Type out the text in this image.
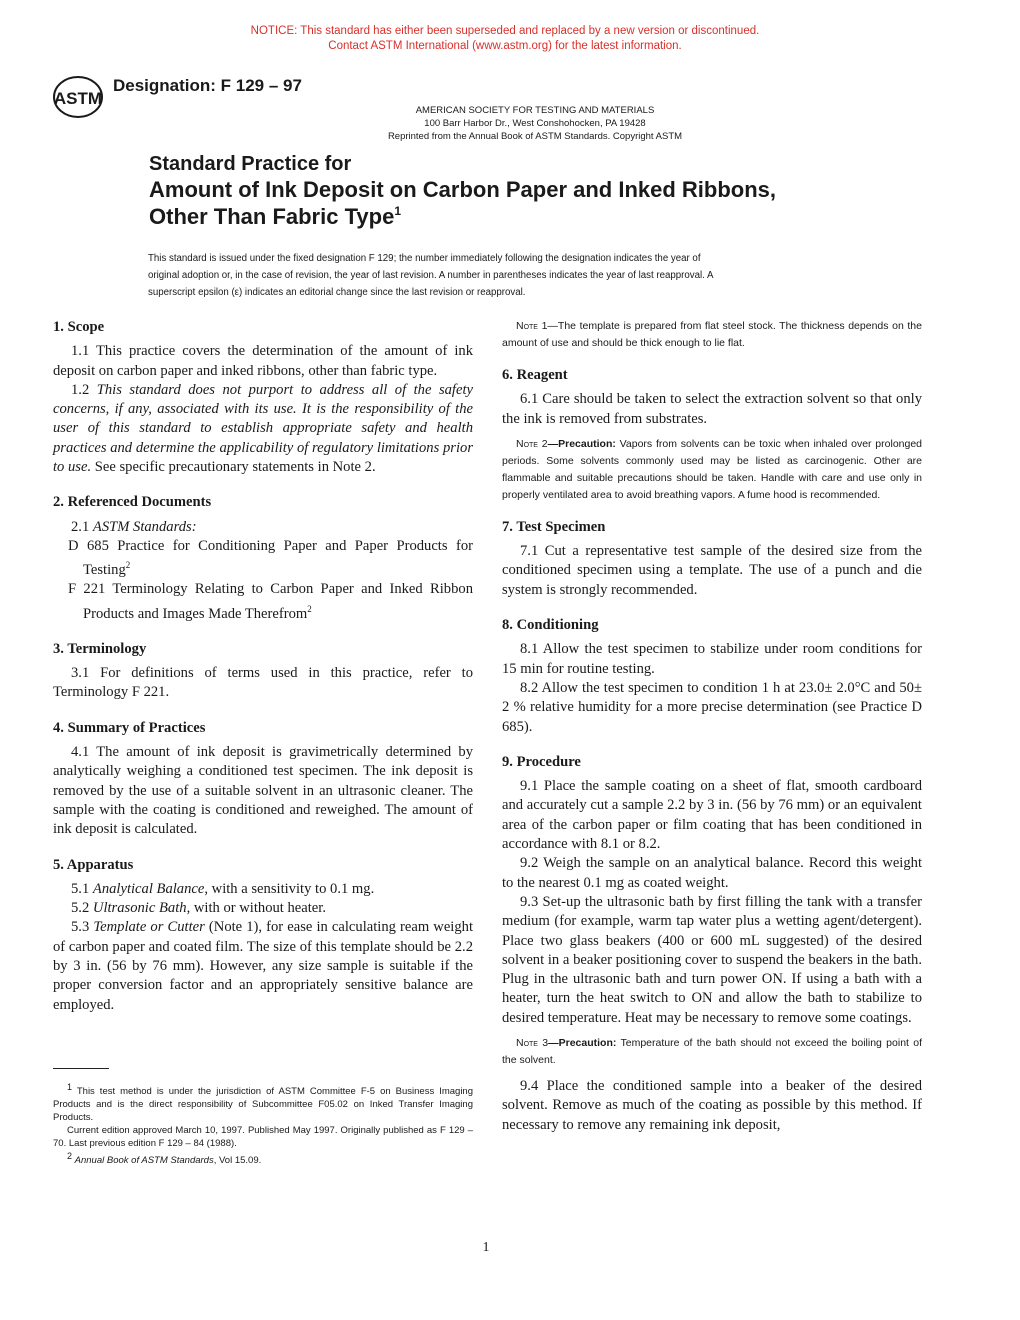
NOTICE: This standard has either been superseded and replaced by a new version or discontinued.
Contact ASTM International (www.astm.org) for the latest information.
ASTM
Designation: F 129 – 97
AMERICAN SOCIETY FOR TESTING AND MATERIALS
100 Barr Harbor Dr., West Conshohocken, PA 19428
Reprinted from the Annual Book of ASTM Standards. Copyright ASTM
Standard Practice for
Amount of Ink Deposit on Carbon Paper and Inked Ribbons,
Other Than Fabric Type$^1$
This standard is issued under the fixed designation F 129; the number immediately following the designation indicates the year of
original adoption or, in the case of revision, the year of last revision. A number in parentheses indicates the year of last reapproval. A
superscript epsilon (ε) indicates an editorial change since the last revision or reapproval.
1. Scope
1.1 This practice covers the determination of the amount of ink deposit on carbon paper and inked ribbons, other than fabric type.
1.2 This standard does not purport to address all of the safety concerns, if any, associated with its use. It is the responsibility of the user of this standard to establish appropriate safety and health practices and determine the applicability of regulatory limitations prior to use. See specific precautionary statements in Note 2.
2. Referenced Documents
2.1 ASTM Standards:
D 685 Practice for Conditioning Paper and Paper Products for Testing$^2$
F 221 Terminology Relating to Carbon Paper and Inked Ribbon Products and Images Made Therefrom$^2$
3. Terminology
3.1 For definitions of terms used in this practice, refer to Terminology F 221.
4. Summary of Practices
4.1 The amount of ink deposit is gravimetrically determined by analytically weighing a conditioned test specimen. The ink deposit is removed by the use of a suitable solvent in an ultrasonic cleaner. The sample with the coating is conditioned and reweighed. The amount of ink deposit is calculated.
5. Apparatus
5.1 Analytical Balance, with a sensitivity to 0.1 mg.
5.2 Ultrasonic Bath, with or without heater.
5.3 Template or Cutter (Note 1), for ease in calculating ream weight of carbon paper and coated film. The size of this template should be 2.2 by 3 in. (56 by 76 mm). However, any size sample is suitable if the proper conversion factor and an appropriately sensitive balance are employed.
$^1$ This test method is under the jurisdiction of ASTM Committee F-5 on Business Imaging Products and is the direct responsibility of Subcommittee F05.02 on Inked Transfer Imaging Products.
Current edition approved March 10, 1997. Published May 1997. Originally published as F 129 – 70. Last previous edition F 129 – 84 (1988).
$^2$ Annual Book of ASTM Standards, Vol 15.09.
Note 1—The template is prepared from flat steel stock. The thickness depends on the amount of use and should be thick enough to lie flat.
6. Reagent
6.1 Care should be taken to select the extraction solvent so that only the ink is removed from substrates.
Note 2—Precaution: Vapors from solvents can be toxic when inhaled over prolonged periods. Some solvents commonly used may be listed as carcinogenic. Other are flammable and suitable precautions should be taken. Handle with care and use only in properly ventilated area to avoid breathing vapors. A fume hood is recommended.
7. Test Specimen
7.1 Cut a representative test sample of the desired size from the conditioned specimen using a template. The use of a punch and die system is strongly recommended.
8. Conditioning
8.1 Allow the test specimen to stabilize under room conditions for 15 min for routine testing.
8.2 Allow the test specimen to condition 1 h at 23.0± 2.0°C and 50± 2 % relative humidity for a more precise determination (see Practice D 685).
9. Procedure
9.1 Place the sample coating on a sheet of flat, smooth cardboard and accurately cut a sample 2.2 by 3 in. (56 by 76 mm) or an equivalent area of the carbon paper or film coating that has been conditioned in accordance with 8.1 or 8.2.
9.2 Weigh the sample on an analytical balance. Record this weight to the nearest 0.1 mg as coated weight.
9.3 Set-up the ultrasonic bath by first filling the tank with a transfer medium (for example, warm tap water plus a wetting agent/detergent). Place two glass beakers (400 or 600 mL suggested) of the desired solvent in a beaker positioning cover to suspend the beakers in the bath. Plug in the ultrasonic bath and turn power ON. If using a bath with a heater, turn the heat switch to ON and allow the bath to stabilize to desired temperature. Heat may be necessary to remove some coatings.
Note 3—Precaution: Temperature of the bath should not exceed the boiling point of the solvent.
9.4 Place the conditioned sample into a beaker of the desired solvent. Remove as much of the coating as possible by this method. If necessary to remove any remaining ink deposit,
1
